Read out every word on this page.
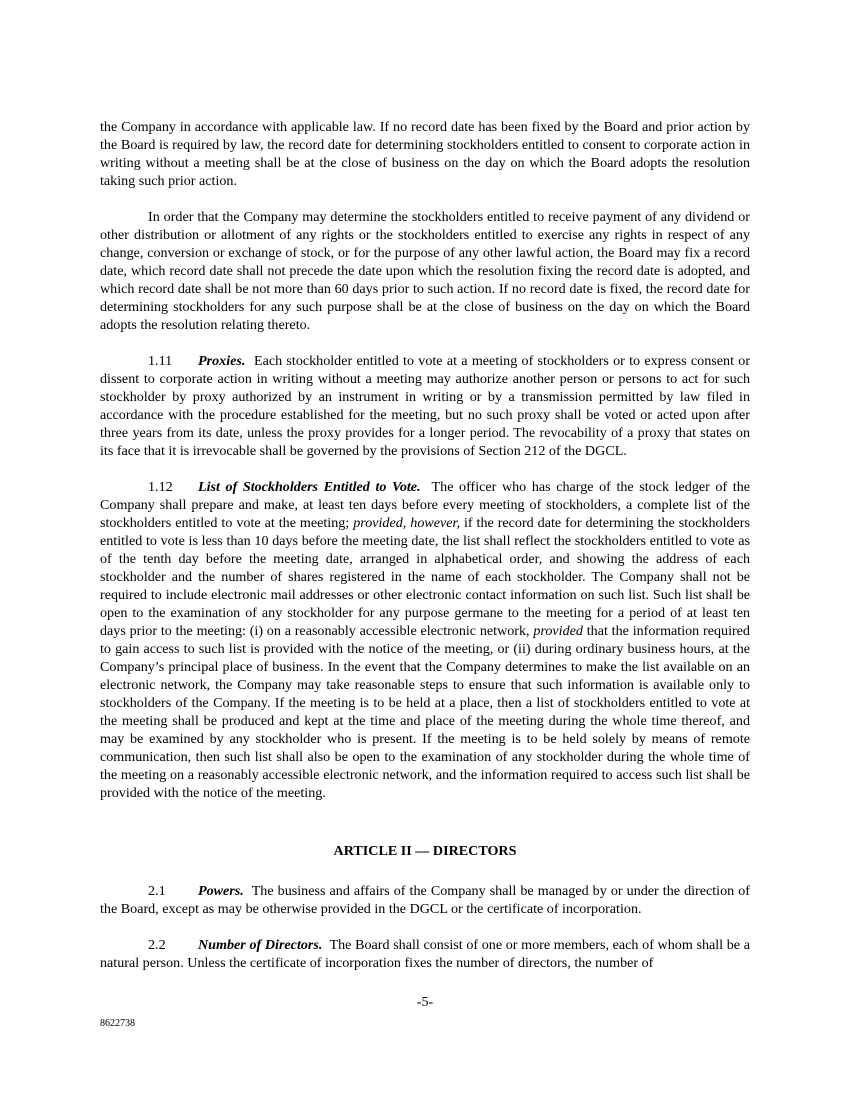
the Company in accordance with applicable law. If no record date has been fixed by the Board and prior action by the Board is required by law, the record date for determining stockholders entitled to consent to corporate action in writing without a meeting shall be at the close of business on the day on which the Board adopts the resolution taking such prior action.

In order that the Company may determine the stockholders entitled to receive payment of any dividend or other distribution or allotment of any rights or the stockholders entitled to exercise any rights in respect of any change, conversion or exchange of stock, or for the purpose of any other lawful action, the Board may fix a record date, which record date shall not precede the date upon which the resolution fixing the record date is adopted, and which record date shall be not more than 60 days prior to such action. If no record date is fixed, the record date for determining stockholders for any such purpose shall be at the close of business on the day on which the Board adopts the resolution relating thereto.

1.11 Proxies. Each stockholder entitled to vote at a meeting of stockholders or to express consent or dissent to corporate action in writing without a meeting may authorize another person or persons to act for such stockholder by proxy authorized by an instrument in writing or by a transmission permitted by law filed in accordance with the procedure established for the meeting, but no such proxy shall be voted or acted upon after three years from its date, unless the proxy provides for a longer period. The revocability of a proxy that states on its face that it is irrevocable shall be governed by the provisions of Section 212 of the DGCL.

1.12 List of Stockholders Entitled to Vote. The officer who has charge of the stock ledger of the Company shall prepare and make, at least ten days before every meeting of stockholders, a complete list of the stockholders entitled to vote at the meeting; provided, however, if the record date for determining the stockholders entitled to vote is less than 10 days before the meeting date, the list shall reflect the stockholders entitled to vote as of the tenth day before the meeting date, arranged in alphabetical order, and showing the address of each stockholder and the number of shares registered in the name of each stockholder. The Company shall not be required to include electronic mail addresses or other electronic contact information on such list. Such list shall be open to the examination of any stockholder for any purpose germane to the meeting for a period of at least ten days prior to the meeting: (i) on a reasonably accessible electronic network, provided that the information required to gain access to such list is provided with the notice of the meeting, or (ii) during ordinary business hours, at the Company’s principal place of business. In the event that the Company determines to make the list available on an electronic network, the Company may take reasonable steps to ensure that such information is available only to stockholders of the Company. If the meeting is to be held at a place, then a list of stockholders entitled to vote at the meeting shall be produced and kept at the time and place of the meeting during the whole time thereof, and may be examined by any stockholder who is present. If the meeting is to be held solely by means of remote communication, then such list shall also be open to the examination of any stockholder during the whole time of the meeting on a reasonably accessible electronic network, and the information required to access such list shall be provided with the notice of the meeting.

ARTICLE II — DIRECTORS

2.1 Powers. The business and affairs of the Company shall be managed by or under the direction of the Board, except as may be otherwise provided in the DGCL or the certificate of incorporation.

2.2 Number of Directors. The Board shall consist of one or more members, each of whom shall be a natural person. Unless the certificate of incorporation fixes the number of directors, the number of

-5-
8622738
